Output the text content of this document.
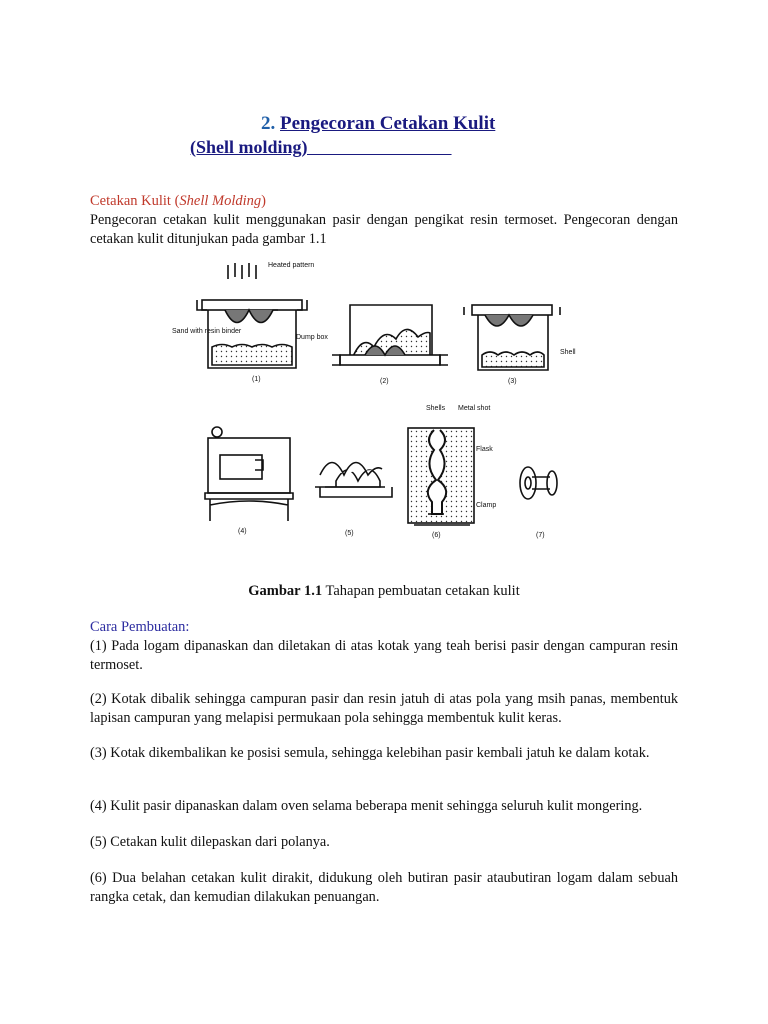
2. Pengecoran Cetakan Kulit
(Shell molding)
Cetakan Kulit (Shell Molding)
Pengecoran cetakan kulit menggunakan pasir dengan pengikat resin termoset. Pengecoran dengan cetakan kulit ditunjukan pada gambar 1.1
Heated pattern
Sand with resin binder
Dump box
Shell
Shells Metal shot
Flask
Clamp
(1)	(2)	(3)
(4)	(5)	(6)	(7)
Gambar 1.1 Tahapan pembuatan cetakan kulit
Cara Pembuatan:
(1) Pada logam dipanaskan dan diletakan di atas kotak yang teah berisi pasir dengan campuran resin termoset.
(2) Kotak dibalik sehingga campuran pasir dan resin jatuh di atas pola yang msih panas, membentuk lapisan campuran yang melapisi permukaan pola sehingga membentuk kulit keras.
(3) Kotak dikembalikan ke posisi semula, sehingga kelebihan pasir kembali jatuh ke dalam kotak.
(4) Kulit pasir dipanaskan dalam oven selama beberapa menit sehingga seluruh kulit mongering.
(5) Cetakan kulit dilepaskan dari polanya.
(6) Dua belahan cetakan kulit dirakit, didukung oleh butiran pasir ataubutiran logam dalam sebuah rangka cetak, dan kemudian dilakukan penuangan.
